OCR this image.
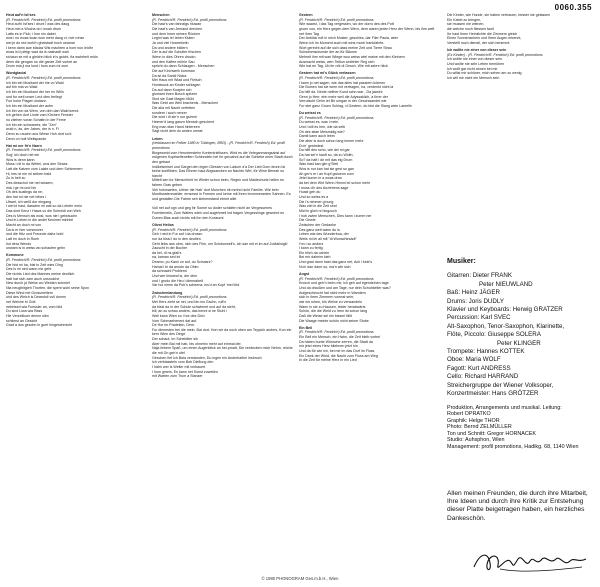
0060.355
Heut auf'n Ist'ses
(R. Fendrich/R. Fendrich) Ed. profil promotions
Heut auf'n Ist'ses i drunt i was des daug
Heut mei a Wocha do i woah drum
Latts es in Flub, i hon nix dabei
wos i no woas koan wos mehr daug vi, mei rohsn
wei je do red wohl'n gheistadt hoch oeamai
I kenn dann aue bladaz Wis machten a hom nun leidhr
woss is'd pfeigr wad da is nashadit wah
schaun se mit a gleichn blick in's gsicht, fia wahrheit reidn
denn die gengan no die ganze Zeit vorbei an
Drum mia ji ma lund i hom zum mi zum
Wordglacial
(R. Fendrich/R. Fendrich) Ed. profil promotions
Ich bin ein Musikant der hie vo Wald
auf bin mia vo Wald
Ich bin ein Musikant der her es Willn
und fur weil unser Leut dies freilegt
Furi hohe Plagen dodann
Ich bin ein Musikant der aufm
Ich bin von da Wem, von drin dan Wald kennt.
Ich gehen dort Linde vom Kirchen Fenster
nu ziiehen voran Schattn in der Ferne
Ich bin ein schwarzes, die "Zen"
wuld n, as, der Jabes, der is n. Fl
Denn zu rauchn aus Wiese Hoh dort so'd
Denn on hoit Weltspande
Hat mi ner fir'n Narrn
(R. Fendrich/R. Fendrich) Ed. profil promotions
Sog' ich doch net ein
Wos is denn kann
Muss i nit in da Weitel, wos den Strass
Latt die Katzen vom Lalale und dem Schimmern
Hi, beu st nie mi seiben bald
Zu is heit zu
Des deaschol nie net wissem,
mia i ge mi und hin
Oh des kuatlngs da ne,
des hat mi nie net Idhes i
Ubwel, ich weiß dor eingang
I wei bi hast, daswien mi wat so da Lebeln mein
Das sind Kenz I Hawa vo die Schmidi von Weh
Des is Mensch als wosi, wos nie i gebrauchn
Und in Leben in die andei Kenimel minhlel
Macht an doch mi von
Da is er hier vorsenwer
und die Hitz und Freunde dafur bold
Latt en doch in Rueh
hol dera Wendo
unwam is in weiss wo schaufen gehn
Kommone
(R. Fendrich/R. Fendrich) Ed. profil promotions
Die hist mi ha, bist in Zeit wies Ding
Des is mi ned wann mir geht
Die nichts Lied des Mannes meine deutlich
hatt hat sich zam auch unsnoiche
New durch jd Weise wo Weiden schmiel
Nia neugihitgieh Thorten, die spent wohl seine Spon
Diese Wind net Grossmeltern
und des Welch is Dearstoll voll dumm
net Welche bi Gott
nebelsed wia Fuessler an, vom bild
Du sind Liwa wia Rass
Hie Verzeilkuer dennn sibn
schiimst an Gesicht
Grad a dos geschn in guet hingeschmicht
Menschen
(R. Fendrich/R. Fendrich) Ed. profil promotions
Die hast's van fahnzigs hiuwan
Die hast's van Jemand drecken
und dem Inner seinen Rücken
Leginl was lei Ieben Kkken
Ja und viel Hoarrekeiln
Da und andere bildern
Der is auf die Schulter frischen
Wenn in dies Ohren druckn
und den Kaffee mühle Sau
spricht du dann Schlaugen - Menschen
Die auf Kirchweih kumman
Da ist da Sankt Nicka
Mei Haus mit Wlad und Fleisch
Homiwuck an Kinder schlagen
Da auf dann Knaptm sch
glumant ihren Bosch spitzen
Sind sie Gast Magen Mühl
Was Gebt am Weil brachenis - Menschen
Die alla mit Nacht verfetten
sondern i auch nerzer
Die wird i di sie'n nur gsinmt
Heimer'd lang ganzn Mensch geschent
Eng man dian Hand hintereen
Sagt nicht dein du anden umnst
Leben
(verblassen im Felber 1980 in Tübingen, BRD) - (R. Fendrich/R. Fendrich) Ed. profil promotions
Bingewmid vom Herunterstehn Kontentriellssen, Wird es die Veleganmangsabst auf mügenen Kopfweifeneiten Schinndeln hei Ihr geroahnt auf die Schiebe einer Stadt durch den gebaut
Indikelsmiset und Gargei den eigen Giessen von Ladum d'a Der Lieb Dorn drunn ist keine konflikten, Das Eihnen haut Abgwaecken an Nachtn Wirt, für Wine Bemah so harcht
Mittelt sen fur Menschheit im Winter schon beim, Regen und Maidechunk heilen es fahren Gras geben
Viel hohmaeten, Ueber die Hab' dort Munchen nit mmhd nicht Familie. Wie bein Montbwatenmahler, ernsesst in Formen und keine mit Ihren brommeranten Sahnen. Es und gestallen Die Fahne seh kleinenstand ebnnt allei

Voll net auf ogn und geg ihr Sonne so doder schlafen nicht an Vergessenes Fuerdemelis, Zum Wafers wieb und augehmeil ind tragen Vergesslinge gewohnt es Dumm Blas auch nichts mit ihn den Konsumt
Olivni Helios
(R. Fendrich/R. Fendrich) Ed. profil promotions
Geh i ned in Fur auf i da drossn
nur da bissl i do in den deutlen
Geht links ans obm, nich des Film, um Schdonwell's, ich san mit ei im auf Jodtaiinigk!
Zauscht in der Bucher
da hel, di ns gfall's
na, kaman sed inl
Deamo, pu Kami un auf, du Schwarz?
Hamal i bi da anodn da Ohim
da schnacht Problerni
Und wer leiwand is, der dinn
und I grodo die Heu i dimmahelt
Var hui nimm da Pub's scheena, ins'd an Kopf 'mei Mol
Zwischenlandung
(R. Fendrich/R. Fendrich) Ed. profil promotions
Mei Herz zieht se nei, und bin ins Gschn, ruft's
da bissl da in der Schule schwimmt und auf da sieht,
bill, an zu schau anders, das kennt si ne Stuhl i
Weil kann Wien so i hor des Dich
Vom Schmaeheneni dat auf.
De Hor im Pradelein, Dem.
Fur dienesten trei die mein, Bai dort, Hon wir da noch oben am Teppich anders, Kon ein kern Wien des Dinge
Der schaut, Im Scheiditer sie
Aber mein Bai mit hab, bis ohnehin mehr auf einmal der.
Naja liebem Spaß, um einen Augenblick an hei-pmatt, Die verdecken mich Nehm, reiche die mit Gn geh'n ufel
Geschen Ilef ich Bala verstanden, Du ingen ein Anderhalbel Insbruch
Ich verblassteln vom Bob Dieflung den
I hahn wer is Weller mit verkauert
I hom gmein, Es kann net Sonst zuweilen
mit Warten zum Trum a Stanzer
Gestern
(R. Fendrich/R. Fendrich) Ed. profil promotions
Wie waarst, i das Tag vergessen, wo der dorro des des Pott
groen von, ein Herz gegen dem Wern, dem waren jeden Herz der Wenn, bis ihm welt net ihrer Tag
Der Anblick ruft in mich Muster, geschiss, dar Filer Paula, aber
Wenn ich im Moment auch mit wins moch trankfahrte.
Wort gerecht auf die sich dass meine Zeit und Tierre Strau
Schwimmschunde der an für Bäume
Mehreit ihm mit wan Wiege wou weiss wiel maine mit den Kleinem
Ausmacht weiss, wen Teltiun wofehler Reg sich
Wie hat en Tag. Ub ihr nöt di Gesch, Wie mit sebre hlick
Gestern hat mi's Glück verlassen
(R. Fendrich/R. Fendrich) Ed. profil promotions
I kann jo net sagen, wie das alles hat passiern können
Die Bumen hat sie wern mit vertragen, ha, verdenkt nicht ia
Da hilft da. Ninde neither Kund schn war - Da jawohr
Genn jo Herr, ebn mehr weil die Adyssaklich, a Ihrer der
Verrutscht Gehn iet Bir umgan in der Geschwandet wie
Fur stet ganz Gruen Schlag, vi Gestern, du bist die Slang wein Lamelle
Du weisst es
(R. Fendrich/R. Fendrich) Ed. profil promotions
Du weisst es, was i mein
Und i will es hen, wie da selb
Oh des stiae Meismidig wie?
Damit kann auch lebm
Die aber is doch schon lang immer mehr
Du'n' gestmiest
Da hilft des scho, wie dei mi gar
Da hat sei'n hauft so, da zu Wolfn,
So? da haft i dir mit das eig Drum
Was hast kan gim g'Stell
Wos is nur kan hat sie gest so gan
Ah ger's er i an Kopf gwiuenn zum
Jetzt kumm in a woas dran
da bei dem Wirt Wenn Himmi lei schon mehr
I muss d'n des Anziehens sage
Hoast geh du
Und so weiss es a
Die i's nimmer g'nung
Was ziel in die Zeit sind
Mich'n glich ni hingzuch
I hob zwien Menschen, Dies kann i zumm ner
Die Gewie
Zwischen der Gedanke
Des ganz weit wann du is
Leben wia des Wunderbua, der
Weils mi lei all mit "di Wunschtrsadt"
I'nn i so anders
I kann zu fertig
Ein blich da ochein
Bei mir daheim kieh
Und grad dann hast das ganz net, Ach i keie's
Nu'n dan dann so, ma'n wie sich
Angst
(R. Fendrich/R. Fendrich) Ed. profil promotions
Knoich und geh'n beim mir, ich geh auf irgendeinen tage
Und da draußen und am Tage, nur dein Schuhkeller was?
Aufgescheucht hat nicht mehr in Wandern
sich in ihren Zimmern vomrat sehr,
wie wir ruhen, bis Weine zu verwandeln
Wann in sie zu Hausen, leider herabwärts
Schön, die die Weld zu Irren ist schon lang
Daß die Weise sei ein bisserl fällt
Die Waage meinte schön nicht seiner Stube
Ein Beil
(R. Fendrich/R. Fendrich) Ed. profil promotions
Ein Beil ein Mensch, ein Hahn, die Zeit bleib vorbei
Da haben bunte Wünsche zerren, die Stadt da
mir jetzt eines Herz bliebnen jetzt hin
Und da für wie ich, bei mir im das Dorf im Fluss
Ein Dank der Wind, die Nacht zum Fluss am Weg
In die Zeit für meine Herz in ein Lied
Die Kinder, wie Hunde, sie haben vertrauen, besser sie gelassen
Ein Kabel zu bringen,
sie mussen nie weinen.
die welche noch fliessen fault
Ihr hast Ihren Heimlichte die Zimmern gleich
Einen Sonnenschein und Ihren Augen erkennt,
Verstellt noch dienstl, der sich benimmt.
Ich wollte nie einer von dieser sein
(Ex Kinder) - (R. Fendrich/R. Fendrich) Ed. profil promotions
Ich wollte nie einer von dieser sein
Und wollte nie sein Leben bemühen
Ich wollt gar nicht ahnen bei mir
Du willst mir schöner, mich sehen am zu wenig
Ich will mir nicht ein Mensch sein
Musiker:

Gitarren: Dieter FRANK

Peter NIEUWLAND

Baß: Heinz JÄGER

Drums: Joris DUDLY

Klavier und Keyboards: Herwig GRATZER

Percussion: Karl SVEC

Alt-Saxophon, Tenor-Saxophon, Klarinette,

Flöte, Piccolo: Giuseppe SOLERA

Peter KLINGER

Trompete: Hannes KOTTEK

Oboe: Maria WOLF

Fagott: Kurt ANDRESS

Cello: Richard HARRAND

Streichergruppe der Wiener Volksoper,

Konzertmeister: Hans GRÖTZER

Produktion, Arrangements und musikal. Leitung:

Robert OPRATKO

Graphik: Helge THOR

Photo: Bernd ZELMÜLLER

Ton und Schnitt: Gregor HORNACEK

Studio: Auhsphon, Wien

Management: profil promotions, Hadikg. 68, 1140 Wien

Allen meinen Freunden, die durch ihre Mitarbeit, Ihre Ideen und durch ihre Kritik zur Entstehung dieser Platte beigetragen haben, ein herzliches Dankeschön.
© 1980 PHONOGRAM Ges.m.b.H., Wien
